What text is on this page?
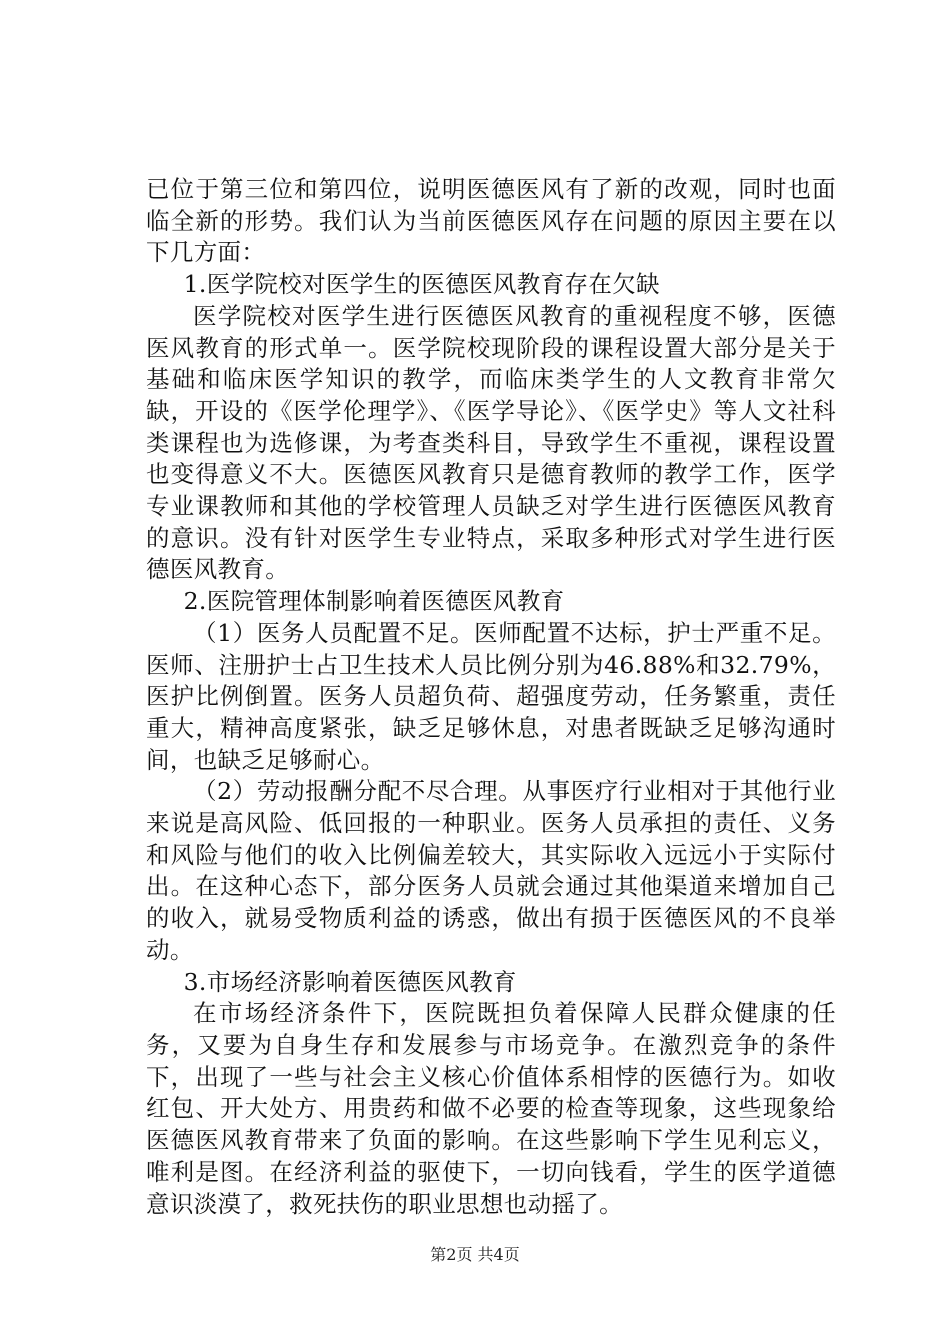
已位于第三位和第四位，说明医德医风有了新的改观，同时也面临全新的形势。我们认为当前医德医风存在问题的原因主要在以下几方面：

1.医学院校对医学生的医德医风教育存在欠缺

医学院校对医学生进行医德医风教育的重视程度不够，医德医风教育的形式单一。医学院校现阶段的课程设置大部分是关于基础和临床医学知识的教学，而临床类学生的人文教育非常欠缺，开设的《医学伦理学》、《医学导论》、《医学史》等人文社科类课程也为选修课，为考查类科目，导致学生不重视，课程设置也变得意义不大。医德医风教育只是德育教师的教学工作，医学专业课教师和其他的学校管理人员缺乏对学生进行医德医风教育的意识。没有针对医学生专业特点，采取多种形式对学生进行医德医风教育。

2.医院管理体制影响着医德医风教育

（1）医务人员配置不足。医师配置不达标，护士严重不足。医师、注册护士占卫生技术人员比例分别为46.88%和32.79%，医护比例倒置。医务人员超负荷、超强度劳动，任务繁重，责任重大，精神高度紧张，缺乏足够休息，对患者既缺乏足够沟通时间，也缺乏足够耐心。

（2）劳动报酬分配不尽合理。从事医疗行业相对于其他行业来说是高风险、低回报的一种职业。医务人员承担的责任、义务和风险与他们的收入比例偏差较大，其实际收入远远小于实际付出。在这种心态下，部分医务人员就会通过其他渠道来增加自己的收入，就易受物质利益的诱惑，做出有损于医德医风的不良举动。

3.市场经济影响着医德医风教育

在市场经济条件下，医院既担负着保障人民群众健康的任务，又要为自身生存和发展参与市场竞争。在激烈竞争的条件下，出现了一些与社会主义核心价值体系相悖的医德行为。如收红包、开大处方、用贵药和做不必要的检查等现象，这些现象给医德医风教育带来了负面的影响。在这些影响下学生见利忘义，唯利是图。在经济利益的驱使下，一切向钱看，学生的医学道德意识淡漠了，救死扶伤的职业思想也动摇了。

第2页 共4页
